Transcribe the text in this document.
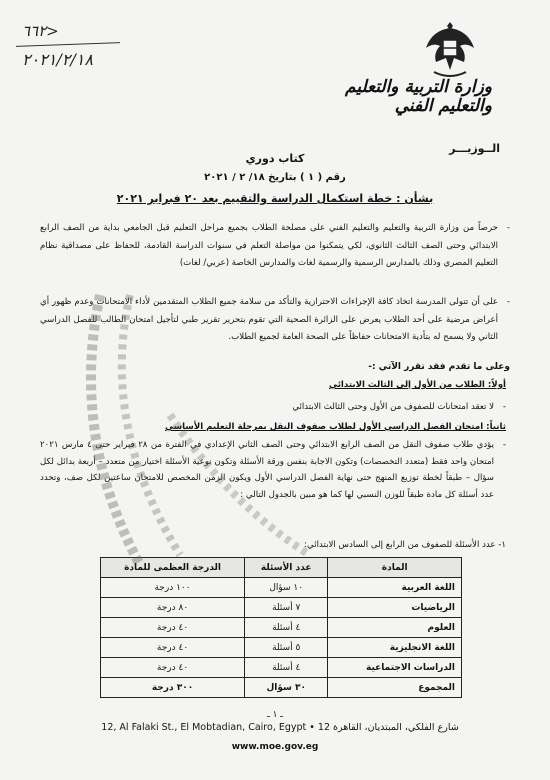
٦٦٢>
٢٠٢١/٢/١٨
وزارة التربية والتعليم
والتعليم الفني
الــوزيـــر
كتاب دوري
رقم ( ١ ) بتاريخ ١٨/ ٢ / ٢٠٢١
بشأن : خطة استكمال الدراسة والتقييم بعد ٢٠ فبراير ٢٠٢١
- حرصاً من وزارة التربية والتعليم والتعليم الفني على مصلحة الطلاب بجميع مراحل التعليم قبل الجامعي بداية من الصف الرابع الابتدائي وحتى الصف الثالث الثانوي، لكي يتمكنوا من مواصلة التعلم في سنوات الدراسة القادمة، للحفاظ على مصداقية نظام التعليم المصري وذلك بالمدارس الرسمية والرسمية لغات والمدارس الخاصة (عربي/ لغات)
- على أن تتولى المدرسة اتخاذ كافة الإجراءات الاحترازية والتأكد من سلامة جميع الطلاب المتقدمين لأداء الامتحانات وعدم ظهور أي أعراض مرضية على أحد الطلاب يعرض على الزائرة الصحية التي تقوم بتحرير تقرير طبي لتأجيل امتحان الطالب للفصل الدراسي الثاني ولا يسمح له بتأدية الامتحانات حفاظاً على الصحة العامة لجميع الطلاب.
وعلى ما تقدم فقد تقرر الآتي :-
أولاً: الطلاب من الأول إلى الثالث الابتدائي
- لا تعقد امتحانات للصفوف من الأول وحتى الثالث الابتدائي
ثانياً: امتحان الفصل الدراسي الأول لطلاب صفوف النقل بمرحلة التعليم الأساسي
- يؤدي طلاب صفوف النقل من الصف الرابع الابتدائي وحتى الصف الثاني الإعدادي في الفترة من ٢٨ فبراير حتى ٤ مارس ٢٠٢١ امتحان واحد فقط (متعدد التخصصات) وتكون الاجابة بنفس ورقة الأسئلة وتكون نوعية الأسئلة اختيار من متعدد – أربعة بدائل لكل سؤال – طبقاً لخطة توزيع المنهج حتى نهاية الفصل الدراسي الأول ويكون الزمن المخصص للامتحان ساعتين لكل صف، وتحدد عدد أسئلة كل مادة طبقاً للوزن النسبي لها كما هو مبين بالجدول التالي :
١- عدد الأسئلة للصفوف من الرابع إلى السادس الابتدائي:
المادة	عدد الأسئلة	الدرجة العظمى للمادة
اللغة العربية	١٠ سؤال	١٠٠ درجة
الرياضيات	٧ أسئلة	٨٠ درجة
العلوم	٤ أسئلة	٤٠ درجة
اللغة الانجليزية	٥ أسئلة	٤٠ درجة
الدراسات الاجتماعية	٤ أسئلة	٤٠ درجة
المجموع	٣٠ سؤال	٣٠٠ درجة
ـ ١ ـ
12, Al Falaki St., El Mobtadian, Cairo, Egypt • 12 شارع الفلكي، المبتديان، القاهرة
www.moe.gov.eg
